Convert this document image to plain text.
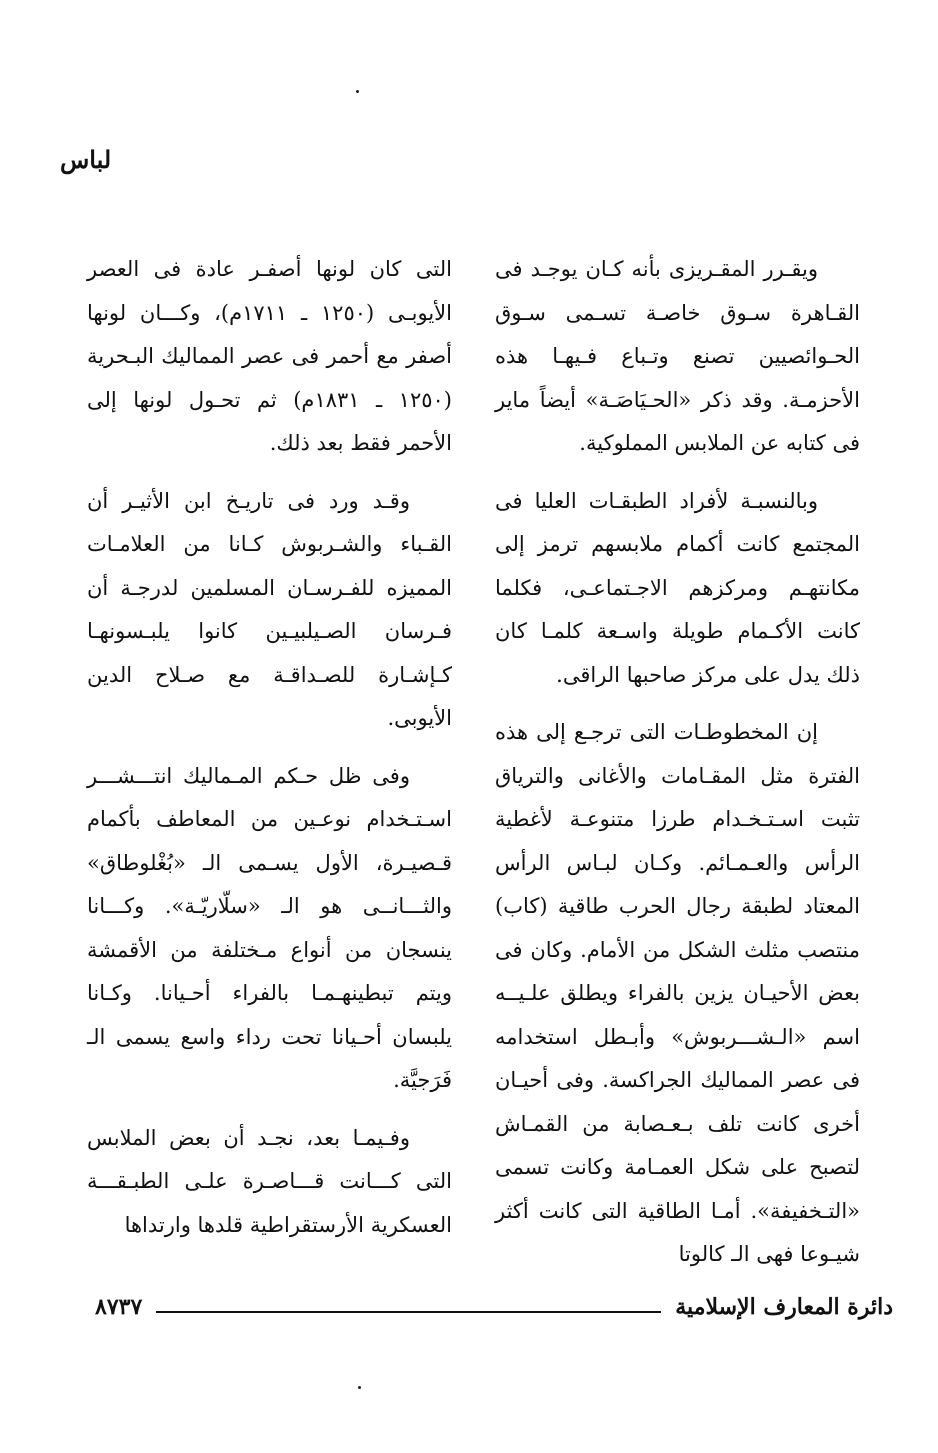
لباس

ويقـرر المقـريزى بأنه كـان يوجـد فى القـاهرة سـوق خاصـة تسـمى سـوق الحـوائصيين تصنع وتـباع فـيهـا هذه الأحزمـة. وقد ذكر «الحـيَاصَـة» أيضاً ماير فى كتابه عن الملابس المملوكية.

وبالنسبـة لأفراد الطبقـات العليا فى المجتمع كانت أكمام ملابسهم ترمز إلى مكانتهـم ومركزهم الاجـتماعـى، فكلما كانت الأكـمام طويلة واسـعة كلمـا كان ذلك يدل على مركز صاحبها الراقى.

إن المخطوطـات التى ترجـع إلى هذه الفترة مثل المقـامات والأغانى والترياق تثبت اسـتـخـدام طرزا متنوعـة لأغطية الرأس والعـمـائم. وكـان لبـاس الرأس المعتاد لطبقة رجال الحرب طاقية (كاب) منتصب مثلث الشكل من الأمام. وكان فى بعض الأحيـان يزين بالفراء ويطلق علـيــه اسم «الـشـــربوش» وأبـطل استخدامه فى عصر المماليك الجراكسة. وفى أحيـان أخرى كانت تلف بـعـصابة من القمـاش لتصبح على شكل العمـامة وكانت تسمى «التـخفيفة». أمـا الطاقية التى كانت أكثر شيـوعا فهى الـ كالوتا

التى كان لونها أصفـر عادة فى العصر الأيوبـى (١٢٥٠ ـ ١٧١١م)، وكـــان لونها أصفر مع أحمر فى عصر المماليك البـحرية (١٢٥٠ ـ ١٨٣١م) ثم تحـول لونها إلى الأحمر فقط بعد ذلك.

وقـد ورد فى تاريـخ ابن الأثيـر أن القـباء والشـربوش كـانا من العلامـات المميزه للفـرسـان المسلمين لدرجـة أن فـرسان الصـيلبيـين كانوا يلبـسونهـا كـإشـارة للصـداقـة مع صـلاح الدين الأيوبى.

وفى ظل حـكم المـماليك انتـــشـــر اسـتـخدام نوعـين من المعاطف بأكمام قـصيـرة، الأول يسـمى الـ «بُغْلوطاق» والثـــانــى هو الـ «سلّاريّـة». وكـــانا ينسجان من أنواع مـختلفة من الأقمشة ويتم تبطينهـمـا بالفراء أحـيانا. وكـانا يلبسان أحـيانا تحت رداء واسع يسمى الـ فَرَجيَّة.

وفـيمـا بعد، نجـد أن بعض الملابس التى كـــانت قـــاصـرة علـى الطبـقـــة العسكرية الأرستقراطية قلدها وارتداها

دائرة المعارف الإسلامية
٨٧٣٧
